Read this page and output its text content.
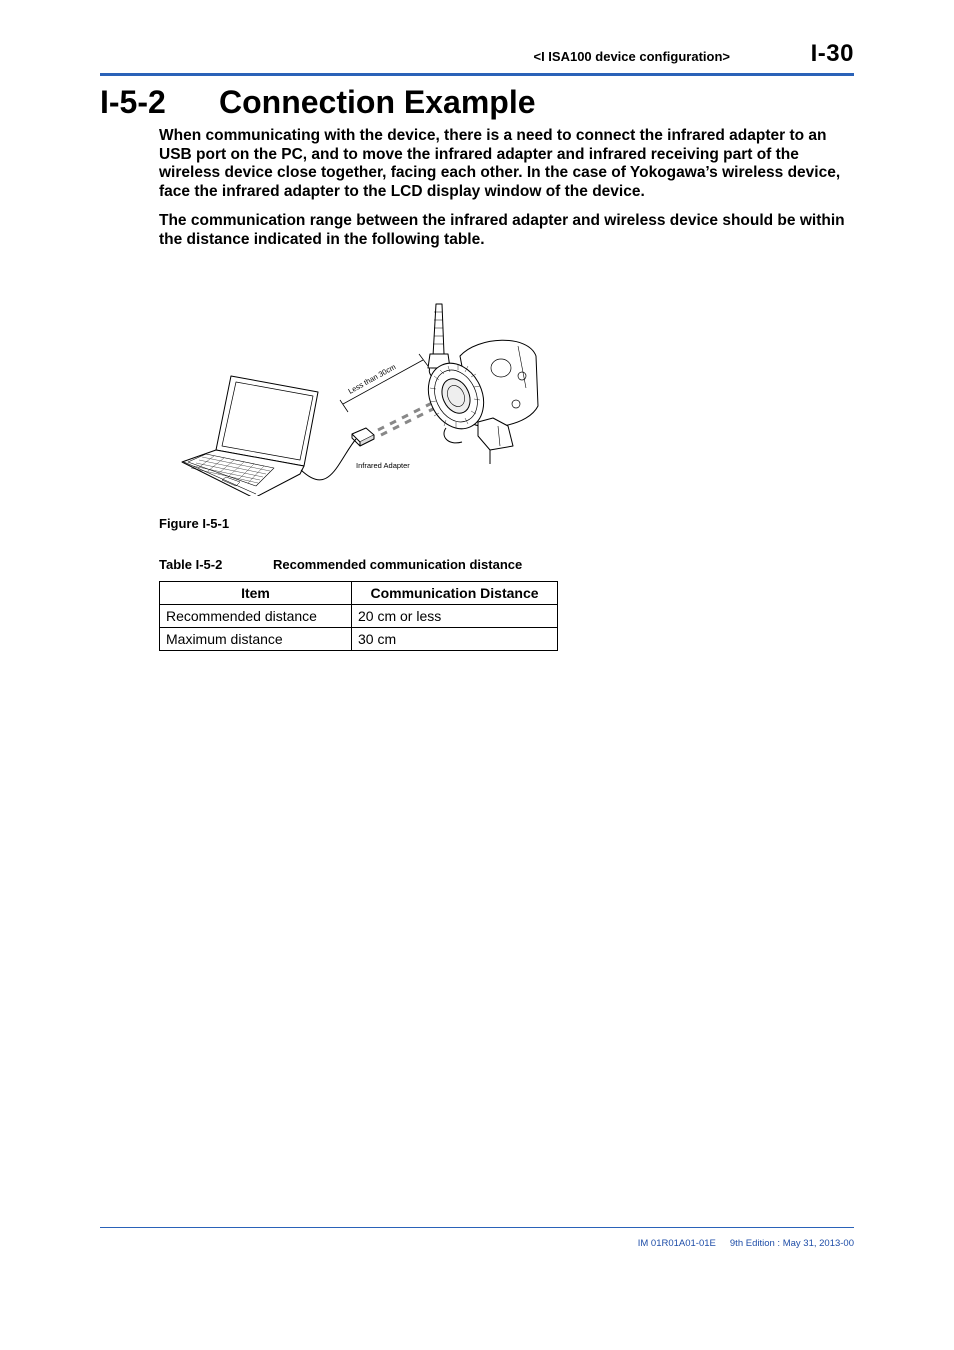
<I ISA100 device configuration>	I-30
I-5-2 Connection Example

When communicating with the device, there is a need to connect the infrared adapter to an USB port on the PC, and to move the infrared adapter and infrared receiving part of the wireless device close together, facing each other. In the case of Yokogawa’s wireless device, face the infrared adapter to the LCD display window of the device.

The communication range between the infrared adapter and wireless device should be within the distance indicated in the following table.

Less than 30cm
Infrared Adapter
Figure I-5-1
Table I-5-2	Recommended communication distance
Item	Communication Distance
Recommended distance	20 cm or less
Maximum distance	30 cm
IM 01R01A01-01E 9th Edition : May 31, 2013-00
